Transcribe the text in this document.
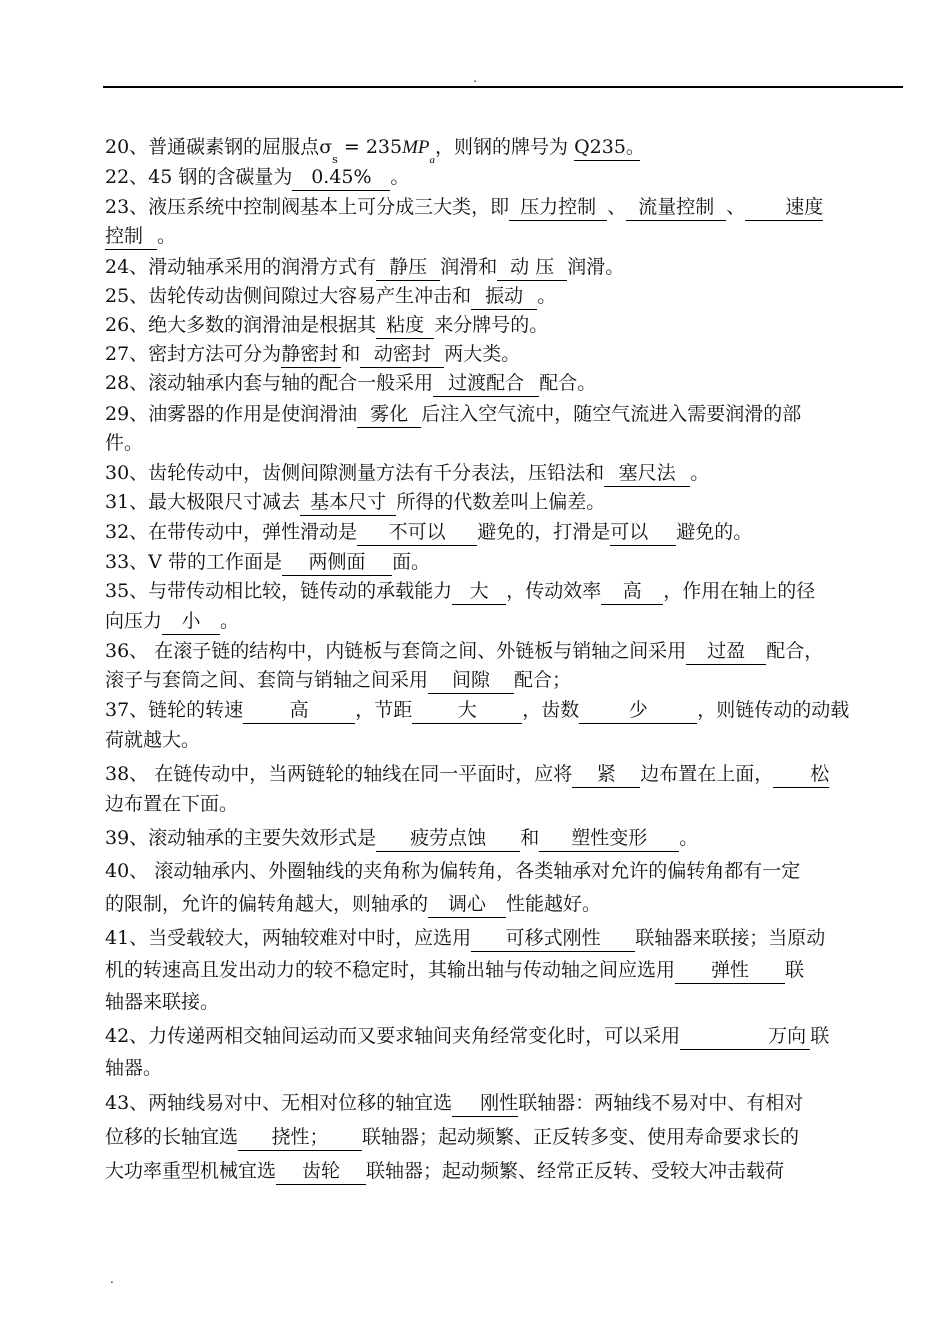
.
20、普通碳素钢的屈服点$\sigma_s = 235MP_a$，则钢的牌号为 Q235。
22、45 钢的含碳量为 0.45% 。
23、液压系统中控制阀基本上可分成三大类，即 压力控制 、 流量控制 、 速度
控制 。
24、滑动轴承采用的润滑方式有 静压 润滑和 动 压 润滑。
25、齿轮传动齿侧间隙过大容易产生冲击和 振动 。
26、绝大多数的润滑油是根据其 粘度 来分牌号的。
27、密封方法可分为静密封 和 动密封 两大类。
28、滚动轴承内套与轴的配合一般采用 过渡配合 配合。
29、油雾器的作用是使润滑油 雾化 后注入空气流中，随空气流进入需要润滑的部
件。
30、齿轮传动中，齿侧间隙测量方法有千分表法，压铅法和 塞尺法 。
31、最大极限尺寸减去 基本尺寸 所得的代数差叫上偏差。
32、在带传动中，弹性滑动是 不可以 避免的，打滑是可以 避免的。
33、V 带的工作面是 两侧面 面。
35、与带传动相比较，链传动的承载能力 大 ，传动效率 高 ，作用在轴上的径
向压力 小 。
36、 在滚子链的结构中，内链板与套筒之间、外链板与销轴之间采用 过盈 配合，
滚子与套筒之间、套筒与销轴之间采用 间隙 配合；
37、链轮的转速 高 ，节距 大 ，齿数	少	，则链传动的动载
荷就越大。
38、 在链传动中，当两链轮的轴线在同一平面时，应将 紧 边布置在上面， 松
边布置在下面。
39、滚动轴承的主要失效形式是 疲劳点蚀 和 塑性变形 。
40、 滚动轴承内、外圈轴线的夹角称为偏转角，各类轴承对允许的偏转角都有一定
的限制，允许的偏转角越大，则轴承的 调心 性能越好。
41、当受载较大，两轴较难对中时，应选用 可移式刚性 联轴器来联接；当原动
机的转速高且发出动力的较不稳定时，其输出轴与传动轴之间应选用 弹性 联
轴器来联接。
42、力传递两相交轴间运动而又要求轴间夹角经常变化时，可以采用	万向 联
轴器。
43、两轴线易对中、无相对位移的轴宜选 刚性联轴器：两轴线不易对中、有相对
位移的长轴宜选 挠性； 联轴器；起动频繁、正反转多变、使用寿命要求长的
大功率重型机械宜选 齿轮 联轴器；起动频繁、经常正反转、受较大冲击载荷
.
